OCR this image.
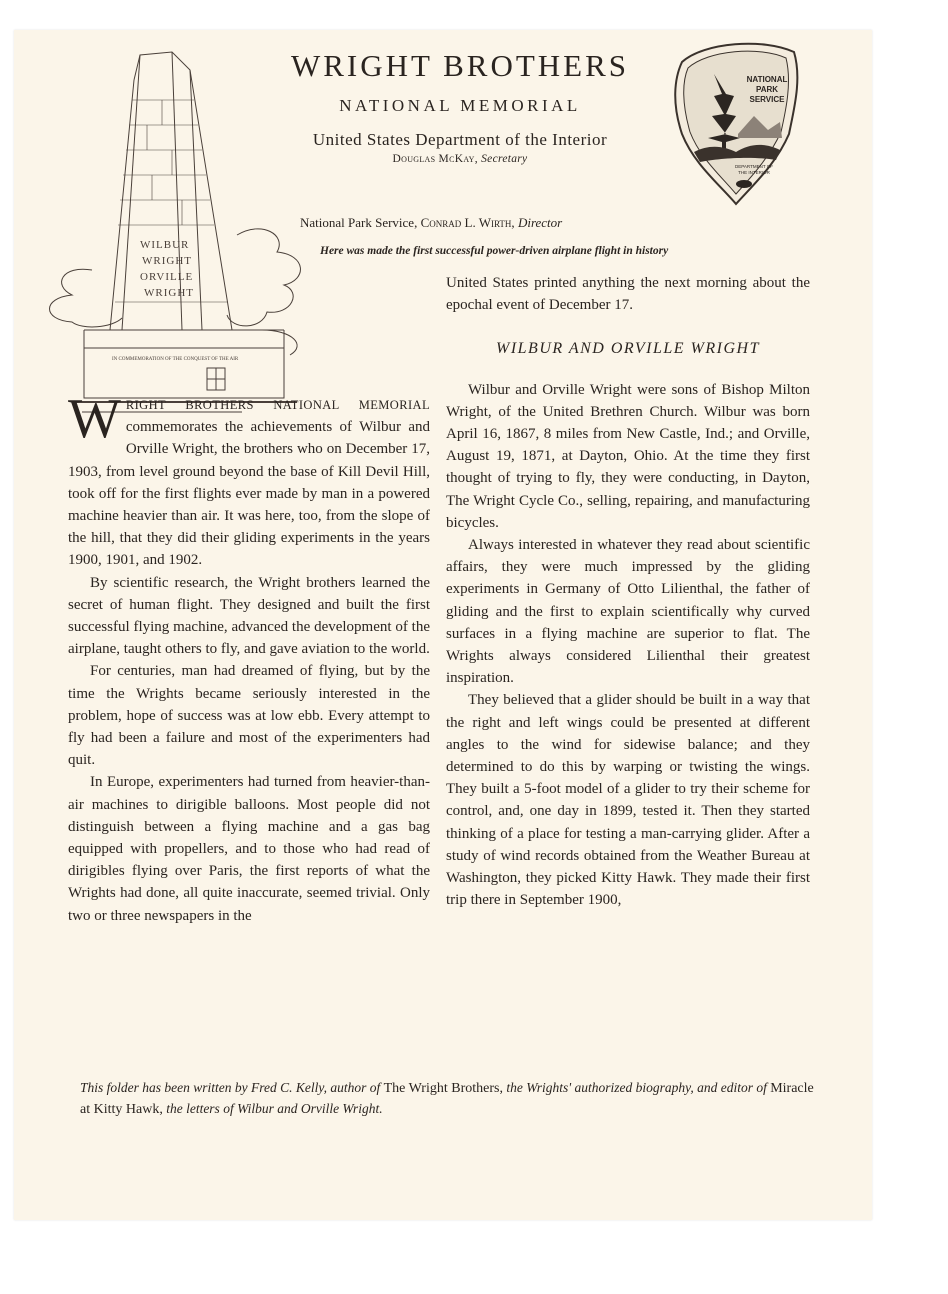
WILBUR
WRIGHT
ORVILLE
WRIGHT
IN COMMEMORATION OF THE CONQUEST OF THE AIR
WRIGHT BROTHERS
NATIONAL MEMORIAL
United States Department of the Interior
Douglas McKay, Secretary
National Park Service, Conrad L. Wirth, Director
Here was made the first successful power-driven airplane flight in history
NATIONAL
PARK
SERVICE
DEPARTMENT OF
THE INTERIOR

WRIGHT BROTHERS NATIONAL MEMORIAL commemorates the achievements of Wilbur and Orville Wright, the brothers who on December 17, 1903, from level ground beyond the base of Kill Devil Hill, took off for the first flights ever made by man in a powered machine heavier than air. It was here, too, from the slope of the hill, that they did their gliding experiments in the years 1900, 1901, and 1902.

By scientific research, the Wright brothers learned the secret of human flight. They designed and built the first successful flying machine, advanced the development of the airplane, taught others to fly, and gave aviation to the world.

For centuries, man had dreamed of flying, but by the time the Wrights became seriously interested in the problem, hope of success was at low ebb. Every attempt to fly had been a failure and most of the experimenters had quit.

In Europe, experimenters had turned from heavier-than-air machines to dirigible balloons. Most people did not distinguish between a flying machine and a gas bag equipped with propellers, and to those who had read of dirigibles flying over Paris, the first reports of what the Wrights had done, all quite inaccurate, seemed trivial. Only two or three newspapers in the

United States printed anything the next morning about the epochal event of December 17.

WILBUR AND ORVILLE WRIGHT

Wilbur and Orville Wright were sons of Bishop Milton Wright, of the United Brethren Church. Wilbur was born April 16, 1867, 8 miles from New Castle, Ind.; and Orville, August 19, 1871, at Dayton, Ohio. At the time they first thought of trying to fly, they were conducting, in Dayton, The Wright Cycle Co., selling, repairing, and manufacturing bicycles.

Always interested in whatever they read about scientific affairs, they were much impressed by the gliding experiments in Germany of Otto Lilienthal, the father of gliding and the first to explain scientifically why curved surfaces in a flying machine are superior to flat. The Wrights always considered Lilienthal their greatest inspiration.

They believed that a glider should be built in a way that the right and left wings could be presented at different angles to the wind for sidewise balance; and they determined to do this by warping or twisting the wings. They built a 5-foot model of a glider to try their scheme for control, and, one day in 1899, tested it. Then they started thinking of a place for testing a man-carrying glider. After a study of wind records obtained from the Weather Bureau at Washington, they picked Kitty Hawk. They made their first trip there in September 1900,

This folder has been written by Fred C. Kelly, author of The Wright Brothers, the Wrights' authorized biography, and editor of Miracle at Kitty Hawk, the letters of Wilbur and Orville Wright.
